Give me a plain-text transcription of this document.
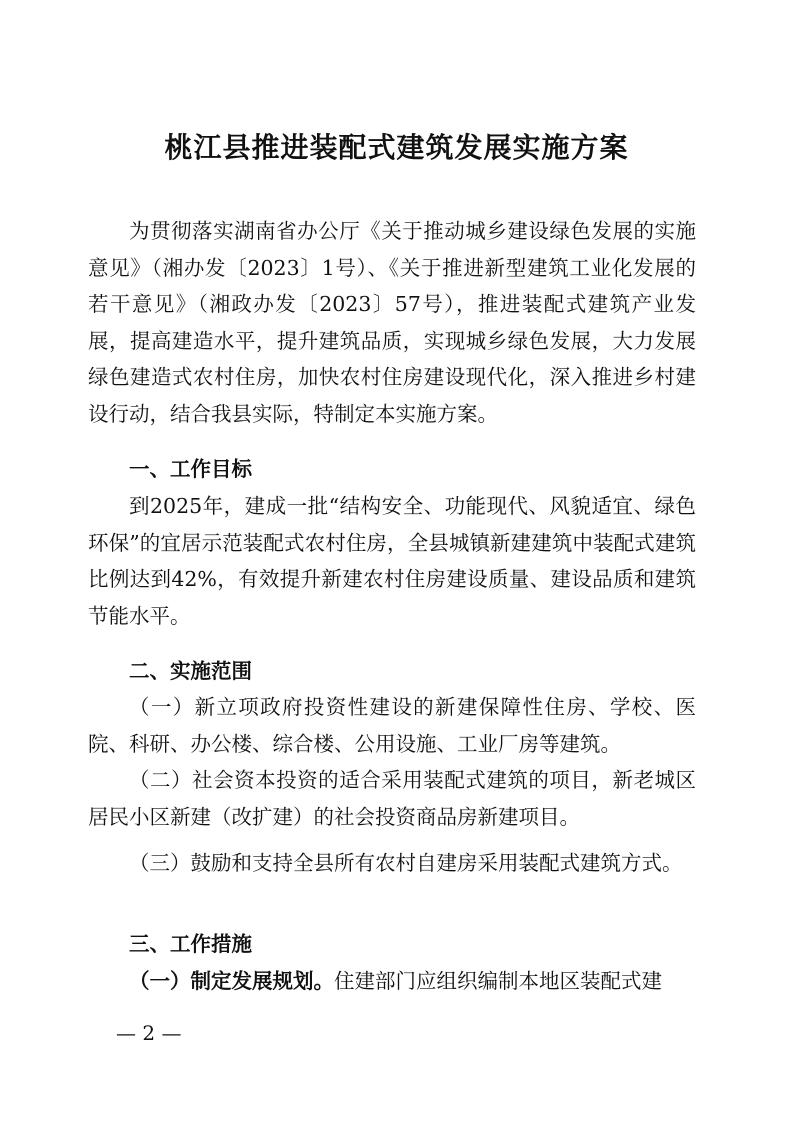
桃江县推进装配式建筑发展实施方案

为贯彻落实湖南省办公厅《关于推动城乡建设绿色发展的实施意见》（湘办发〔2023〕1号）、《关于推进新型建筑工业化发展的若干意见》（湘政办发〔2023〕57号），推进装配式建筑产业发展，提高建造水平，提升建筑品质，实现城乡绿色发展，大力发展绿色建造式农村住房，加快农村住房建设现代化，深入推进乡村建设行动，结合我县实际，特制定本实施方案。

一、工作目标

到2025年，建成一批“结构安全、功能现代、风貌适宜、绿色环保”的宜居示范装配式农村住房，全县城镇新建建筑中装配式建筑比例达到42%，有效提升新建农村住房建设质量、建设品质和建筑节能水平。

二、实施范围

（一）新立项政府投资性建设的新建保障性住房、学校、医院、科研、办公楼、综合楼、公用设施、工业厂房等建筑。

（二）社会资本投资的适合采用装配式建筑的项目，新老城区居民小区新建（改扩建）的社会投资商品房新建项目。

（三）鼓励和支持全县所有农村自建房采用装配式建筑方式。

三、工作措施

（一）制定发展规划。住建部门应组织编制本地区装配式建

— 2 —
